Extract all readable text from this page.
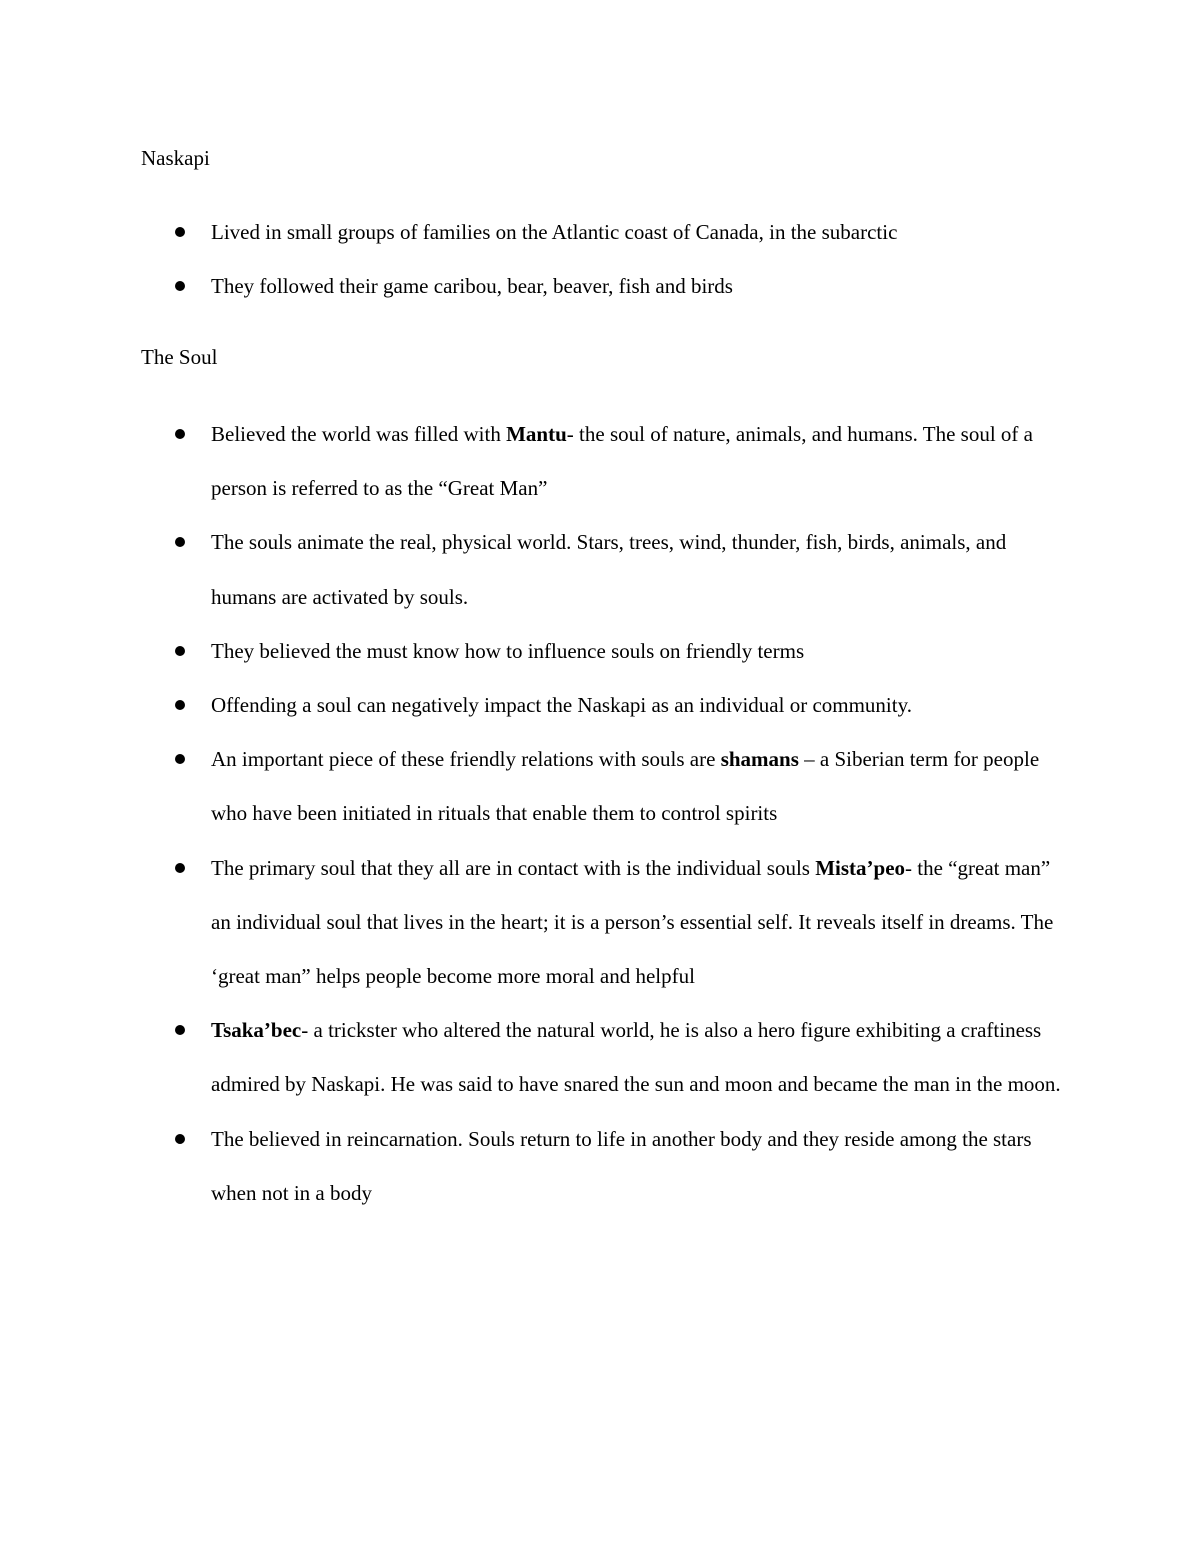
Naskapi
Lived in small groups of families on the Atlantic coast of Canada, in the subarctic
They followed their game caribou, bear, beaver, fish and birds
The Soul
Believed the world was filled with Mantu- the soul of nature, animals, and humans. The soul of a person is referred to as the “Great Man”
The souls animate the real, physical world. Stars, trees, wind, thunder, fish, birds, animals, and humans are activated by souls.
They believed the must know how to influence souls on friendly terms
Offending a soul can negatively impact the Naskapi as an individual or community.
An important piece of these friendly relations with souls are shamans – a Siberian term for people who have been initiated in rituals that enable them to control spirits
The primary soul that they all are in contact with is the individual souls Mista’peo- the “great man” an individual soul that lives in the heart; it is a person’s essential self. It reveals itself in dreams. The ‘great man” helps people become more moral and helpful
Tsaka’bec- a trickster who altered the natural world, he is also a hero figure exhibiting a craftiness admired by Naskapi. He was said to have snared the sun and moon and became the man in the moon.
The believed in reincarnation. Souls return to life in another body and they reside among the stars when not in a body
